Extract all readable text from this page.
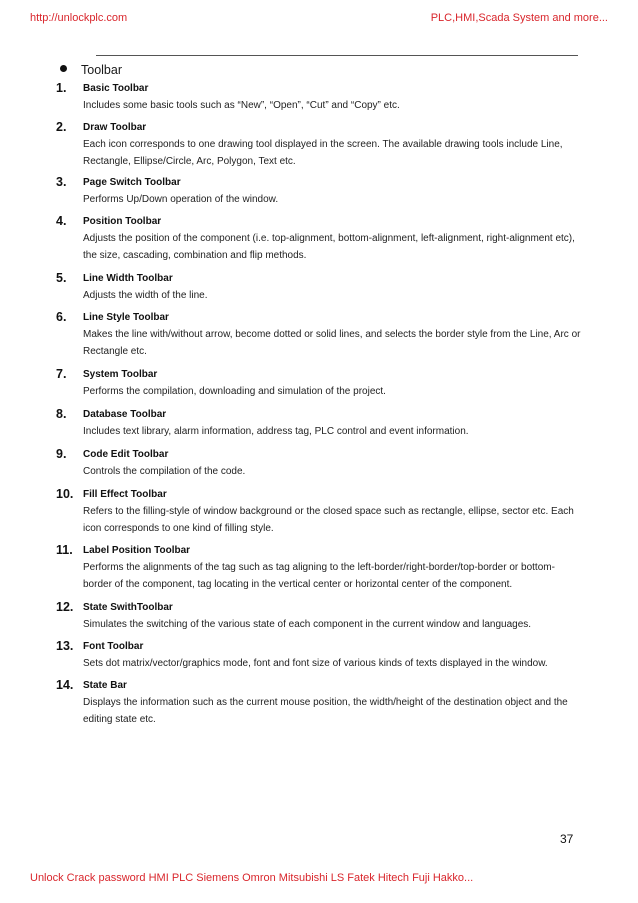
http://unlockplc.com	PLC,HMI,Scada System and more...
Toolbar
1.	Basic Toolbar
Includes some basic tools such as “New”, “Open”, “Cut” and “Copy” etc.
2.	Draw Toolbar
Each icon corresponds to one drawing tool displayed in the screen. The available drawing tools include Line, Rectangle, Ellipse/Circle, Arc, Polygon, Text etc.
3.	Page Switch Toolbar
Performs Up/Down operation of the window.
4.	Position Toolbar
Adjusts the position of the component (i.e. top-alignment, bottom-alignment, left-alignment, right-alignment etc), the size, cascading, combination and flip methods.
5.	Line Width Toolbar
Adjusts the width of the line.
6.	Line Style Toolbar
Makes the line with/without arrow, become dotted or solid lines, and selects the border style from the Line, Arc or Rectangle etc.
7.	System Toolbar
Performs the compilation, downloading and simulation of the project.
8.	Database Toolbar
Includes text library, alarm information, address tag, PLC control and event information.
9.	Code Edit Toolbar
Controls the compilation of the code.
10. Fill Effect Toolbar
Refers to the filling-style of window background or the closed space such as rectangle, ellipse, sector etc. Each icon corresponds to one kind of filling style.
11.	Label Position Toolbar
Performs the alignments of the tag such as tag aligning to the left-border/right-border/top-border or bottom-border of the component, tag locating in the vertical center or horizontal center of the component.
12. State SwithToolbar
Simulates the switching of the various state of each component in the current window and languages.
13. Font Toolbar
Sets dot matrix/vector/graphics mode, font and font size of various kinds of texts displayed in the window.
14. State Bar
Displays the information such as the current mouse position, the width/height of the destination object and the editing state etc.
37
Unlock Crack password HMI PLC Siemens Omron Mitsubishi LS Fatek Hitech Fuji Hakko...
